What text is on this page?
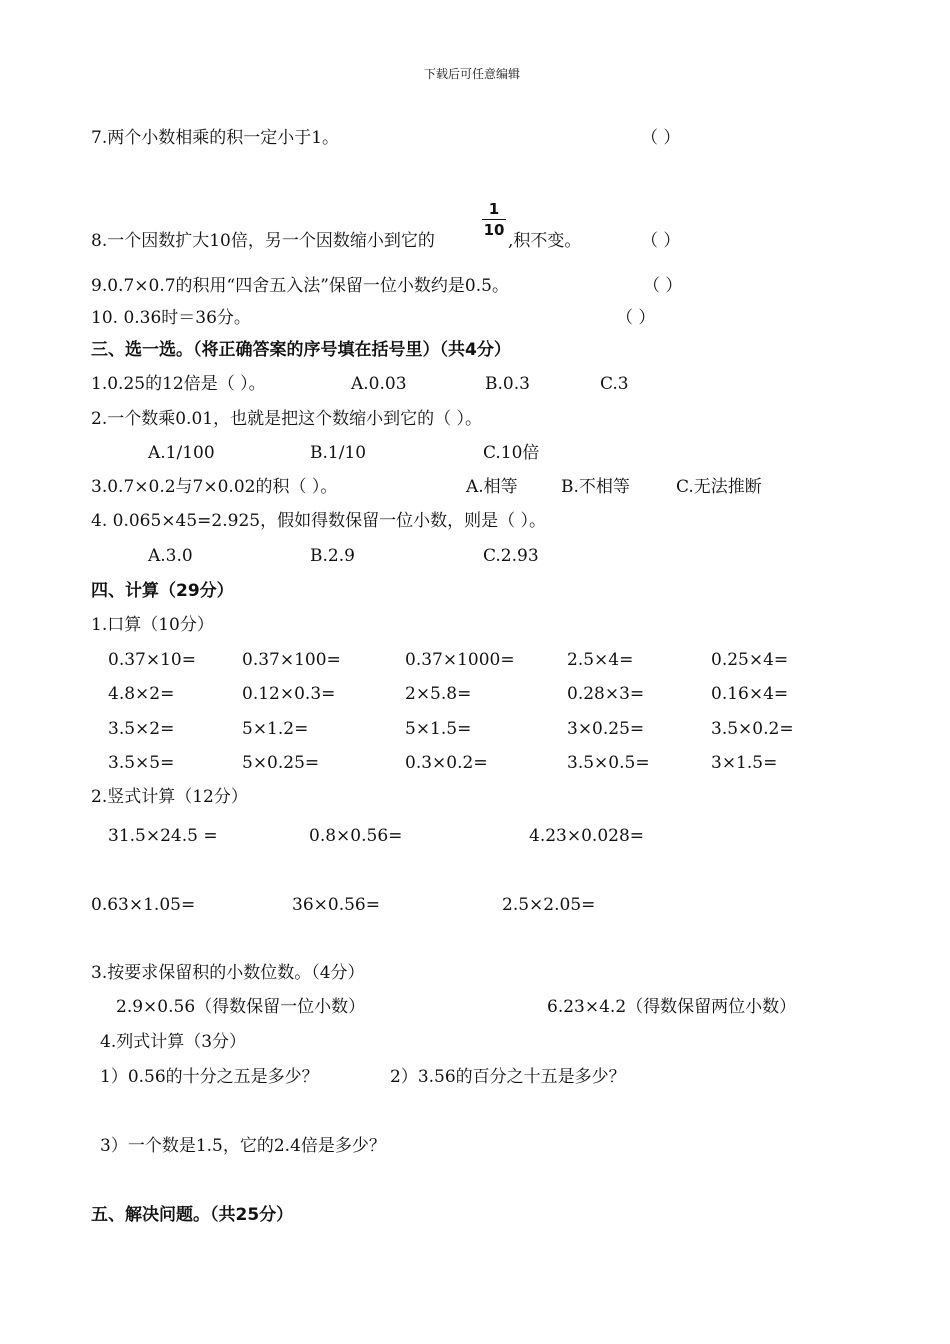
下载后可任意编辑
7.两个小数相乘的积一定小于1。	（ ）
8.一个因数扩大10倍，另一个因数缩小到它的
1
10
,积不变。	（ ）
9.0.7×0.7的积用“四舍五入法”保留一位小数约是0.5。	（ ）
10. 0.36时＝36分。	（ ）
三、选一选。（将正确答案的序号填在括号里）（共4分）
1.0.25的12倍是（ ）。	A.0.03	B.0.3	C.3
2.一个数乘0.01，也就是把这个数缩小到它的（ ）。
A.1/100	B.1/10	C.10倍
3.0.7×0.2与7×0.02的积（ ）。	A.相等	B.不相等	C.无法推断
4. 0.065×45=2.925，假如得数保留一位小数，则是（ ）。
A.3.0	B.2.9	C.2.93
四、计算（29分）
1.口算（10分）
0.37×10=	0.37×100=	0.37×1000=	2.5×4=	0.25×4=
4.8×2=	0.12×0.3=	2×5.8=	0.28×3=	0.16×4=
3.5×2=	5×1.2=	5×1.5=	3×0.25=	3.5×0.2=
3.5×5=	5×0.25=	0.3×0.2=	3.5×0.5=	3×1.5=
2.竖式计算（12分）
31.5×24.5 =	0.8×0.56=	4.23×0.028=
0.63×1.05=	36×0.56=	2.5×2.05=
3.按要求保留积的小数位数。（4分）
2.9×0.56（得数保留一位小数）	6.23×4.2（得数保留两位小数）
4.列式计算（3分）
1）0.56的十分之五是多少？	2）3.56的百分之十五是多少？
3）一个数是1.5，它的2.4倍是多少？
五、解决问题。（共25分）
